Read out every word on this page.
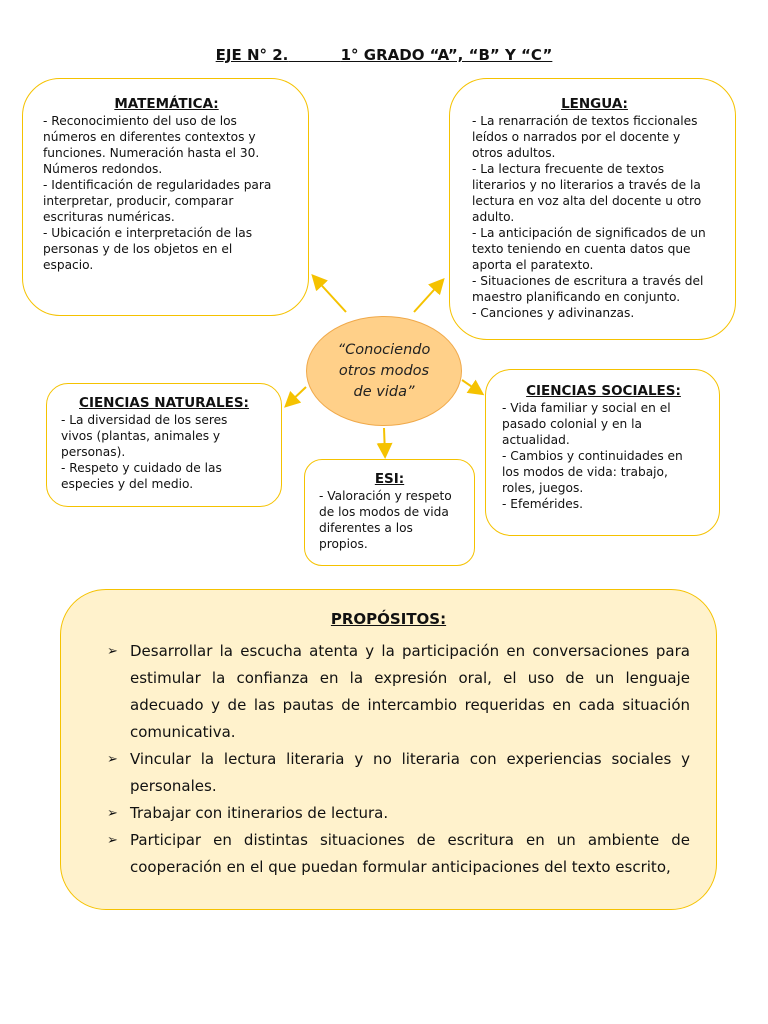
EJE N° 2.	1° GRADO “A”, “B” Y “C”
MATEMÁTICA:
- Reconocimiento del uso de los
números en diferentes contextos y
funciones. Numeración hasta el 30.
Números redondos.
- Identificación de regularidades para
interpretar, producir, comparar
escrituras numéricas.
- Ubicación e interpretación de las
personas y de los objetos en el
espacio.
LENGUA:
- La renarración de textos ficcionales
leídos o narrados por el docente y
otros adultos.
- La lectura frecuente de textos
literarios y no literarios a través de la
lectura en voz alta del docente u otro
adulto.
- La anticipación de significados de un
texto teniendo en cuenta datos que
aporta el paratexto.
- Situaciones de escritura a través del
maestro planificando en conjunto.
- Canciones y adivinanzas.
“Conociendo
otros modos
de vida”
CIENCIAS NATURALES:
- La diversidad de los seres
vivos (plantas, animales y
personas).
- Respeto y cuidado de las
especies y del medio.	ESI:
- Valoración y respeto
de los modos de vida
diferentes a los
propios.
CIENCIAS SOCIALES:
- Vida familiar y social en el
pasado colonial y en la
actualidad.
- Cambios y continuidades en
los modos de vida: trabajo,
roles, juegos.
- Efemérides.
PROPÓSITOS:
➢ Desarrollar la escucha atenta y la participación en conversaciones para estimular la confianza en la expresión oral, el uso de un lenguaje adecuado y de las pautas de intercambio requeridas en cada situación comunicativa.
➢ Vincular la lectura literaria y no literaria con experiencias sociales y personales.
➢ Trabajar con itinerarios de lectura.
➢ Participar en distintas situaciones de escritura en un ambiente de cooperación en el que puedan formular anticipaciones del texto escrito,
